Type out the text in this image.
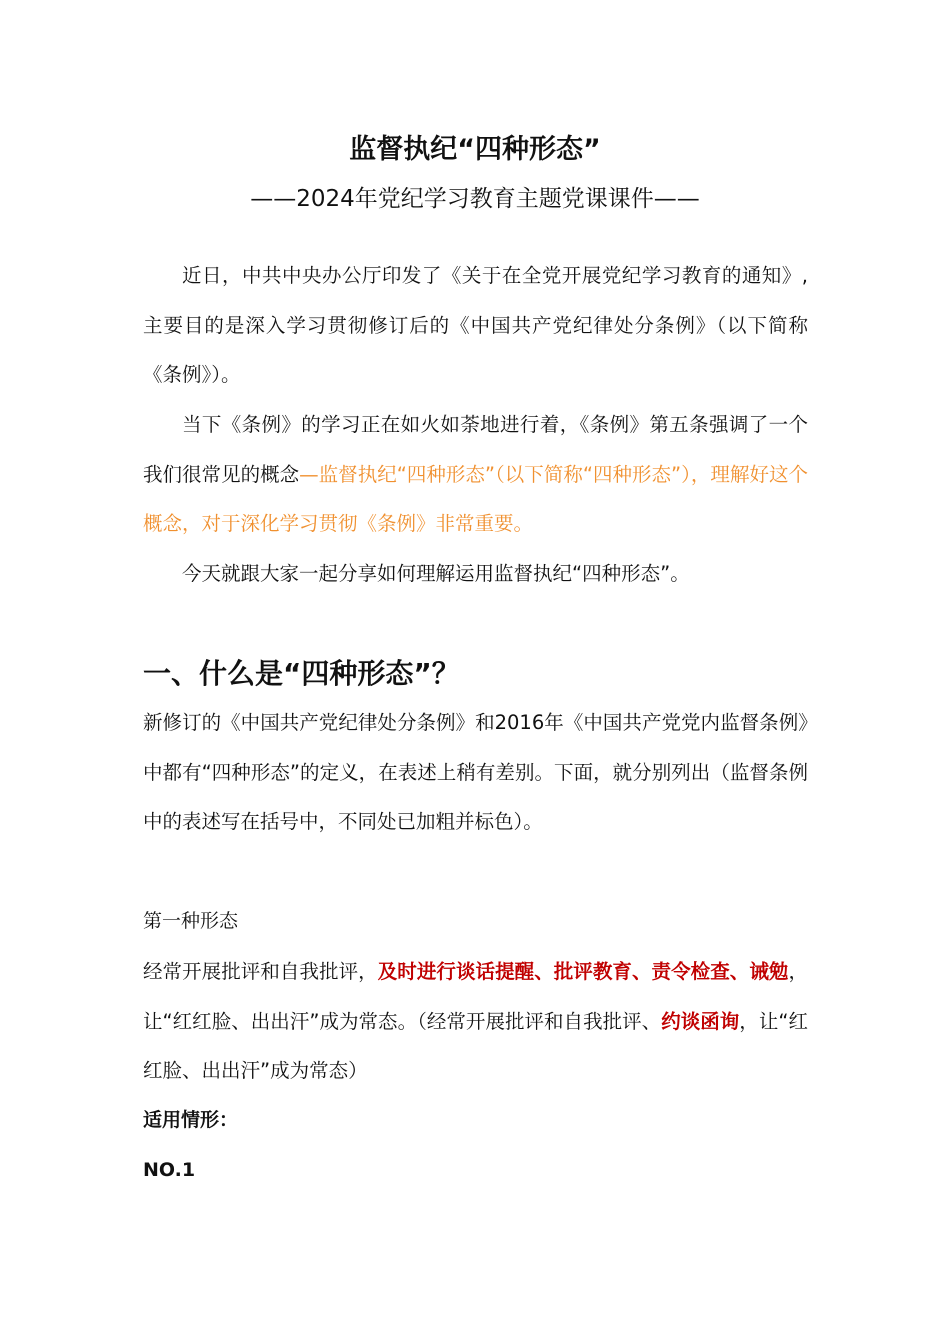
监督执纪“四种形态”
——2024年党纪学习教育主题党课课件——
近日，中共中央办公厅印发了《关于在全党开展党纪学习教育的通知》,主要目的是深入学习贯彻修订后的《中国共产党纪律处分条例》（以下简称《条例》）。
当下《条例》的学习正在如火如荼地进行着，《条例》第五条强调了一个我们很常见的概念—监督执纪“四种形态”（以下简称“四种形态”），理解好这个概念，对于深化学习贯彻《条例》非常重要。
今天就跟大家一起分享如何理解运用监督执纪“四种形态”。
一、什么是“四种形态”？
新修订的《中国共产党纪律处分条例》和2016年《中国共产党党内监督条例》中都有“四种形态”的定义，在表述上稍有差别。下面，就分别列出（监督条例中的表述写在括号中，不同处已加粗并标色）。
第一种形态
经常开展批评和自我批评，及时进行谈话提醒、批评教育、责令检查、诫勉，让“红红脸、出出汗”成为常态。（经常开展批评和自我批评、约谈函询，让“红红脸、出出汗”成为常态）
适用情形：
NO.1
